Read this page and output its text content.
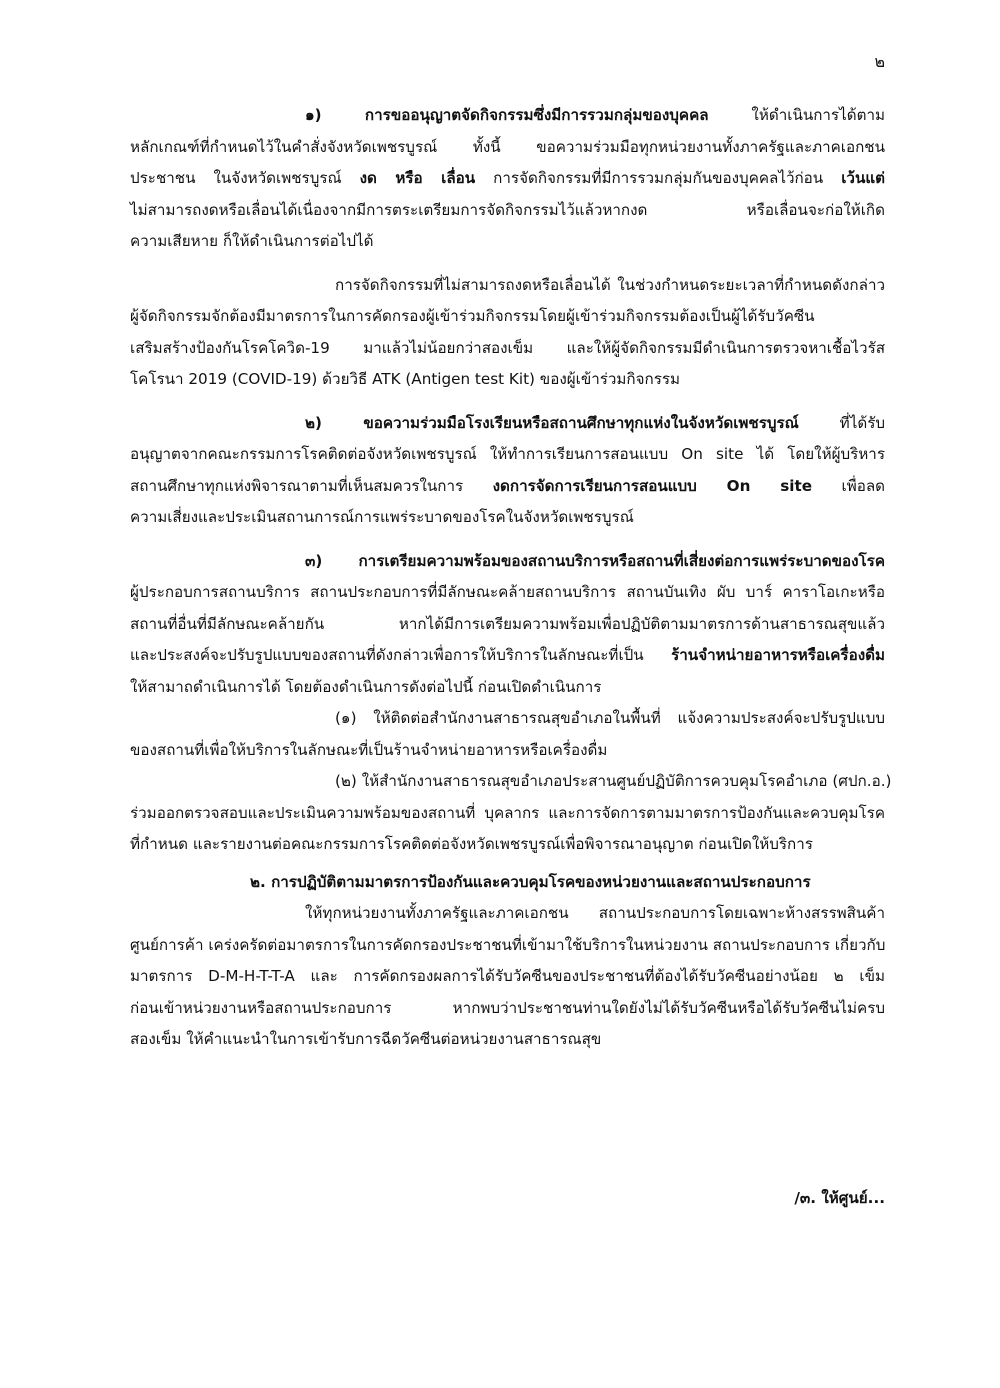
๒
๑) การขออนุญาตจัดกิจกรรมซึ่งมีการรวมกลุ่มของบุคคล ให้ดำเนินการได้ตาม
หลักเกณฑ์ที่กำหนดไว้ในคำสั่งจังหวัดเพชรบูรณ์ ทั้งนี้ ขอความร่วมมือทุกหน่วยงานทั้งภาครัฐและภาคเอกชน
ประชาชน ในจังหวัดเพชรบูรณ์ งด หรือ เลื่อน การจัดกิจกรรมที่มีการรวมกลุ่มกันของบุคคลไว้ก่อน เว้นแต่
ไม่สามารถงดหรือเลื่อนได้เนื่องจากมีการตระเตรียมการจัดกิจกรรมไว้แล้วหากงด หรือเลื่อนจะก่อให้เกิด
ความเสียหาย ก็ให้ดำเนินการต่อไปได้
การจัดกิจกรรมที่ไม่สามารถงดหรือเลื่อนได้ ในช่วงกำหนดระยะเวลาที่กำหนดดังกล่าว
ผู้จัดกิจกรรมจักต้องมีมาตรการในการคัดกรองผู้เข้าร่วมกิจกรรมโดยผู้เข้าร่วมกิจกรรมต้องเป็นผู้ได้รับวัคซีน
เสริมสร้างป้องกันโรคโควิด-19 มาแล้วไม่น้อยกว่าสองเข็ม และให้ผู้จัดกิจกรรมมีดำเนินการตรวจหาเชื้อไวรัส
โคโรนา 2019 (COVID-19) ด้วยวิธี ATK (Antigen test Kit) ของผู้เข้าร่วมกิจกรรม
๒) ขอความร่วมมือโรงเรียนหรือสถานศึกษาทุกแห่งในจังหวัดเพชรบูรณ์ ที่ได้รับ
อนุญาตจากคณะกรรมการโรคติดต่อจังหวัดเพชรบูรณ์ ให้ทำการเรียนการสอนแบบ On site ได้ โดยให้ผู้บริหาร
สถานศึกษาทุกแห่งพิจารณาตามที่เห็นสมควรในการ งดการจัดการเรียนการสอนแบบ On site เพื่อลด
ความเสี่ยงและประเมินสถานการณ์การแพร่ระบาดของโรคในจังหวัดเพชรบูรณ์
๓) การเตรียมความพร้อมของสถานบริการหรือสถานที่เสี่ยงต่อการแพร่ระบาดของโรค
ผู้ประกอบการสถานบริการ สถานประกอบการที่มีลักษณะคล้ายสถานบริการ สถานบันเทิง ผับ บาร์ คาราโอเกะหรือ
สถานที่อื่นที่มีลักษณะคล้ายกัน หากได้มีการเตรียมความพร้อมเพื่อปฏิบัติตามมาตรการด้านสาธารณสุขแล้ว
และประสงค์จะปรับรูปแบบของสถานที่ดังกล่าวเพื่อการให้บริการในลักษณะที่เป็น ร้านจำหน่ายอาหารหรือเครื่องดื่ม
ให้สามาถดำเนินการได้ โดยต้องดำเนินการดังต่อไปนี้ ก่อนเปิดดำเนินการ
(๑) ให้ติดต่อสำนักงานสาธารณสุขอำเภอในพื้นที่ แจ้งความประสงค์จะปรับรูปแบบ
ของสถานที่เพื่อให้บริการในลักษณะที่เป็นร้านจำหน่ายอาหารหรือเครื่องดื่ม
(๒) ให้สำนักงานสาธารณสุขอำเภอประสานศูนย์ปฏิบัติการควบคุมโรคอำเภอ (ศปก.อ.)
ร่วมออกตรวจสอบและประเมินความพร้อมของสถานที่ บุคลากร และการจัดการตามมาตรการป้องกันและควบคุมโรค
ที่กำหนด และรายงานต่อคณะกรรมการโรคติดต่อจังหวัดเพชรบูรณ์เพื่อพิจารณาอนุญาต ก่อนเปิดให้บริการ
๒. การปฏิบัติตามมาตรการป้องกันและควบคุมโรคของหน่วยงานและสถานประกอบการ
ให้ทุกหน่วยงานทั้งภาครัฐและภาคเอกชน สถานประกอบการโดยเฉพาะห้างสรรพสินค้า
ศูนย์การค้า เคร่งครัดต่อมาตรการในการคัดกรองประชาชนที่เข้ามาใช้บริการในหน่วยงาน สถานประกอบการ เกี่ยวกับ
มาตรการ D-M-H-T-T-A และ การคัดกรองผลการได้รับวัคซีนของประชาชนที่ต้องได้รับวัคซีนอย่างน้อย ๒ เข็ม
ก่อนเข้าหน่วยงานหรือสถานประกอบการ หากพบว่าประชาชนท่านใดยังไม่ได้รับวัคซีนหรือได้รับวัคซีนไม่ครบ
สองเข็ม ให้คำแนะนำในการเข้ารับการฉีดวัคซีนต่อหน่วยงานสาธารณสุข
/๓. ให้ศูนย์...
